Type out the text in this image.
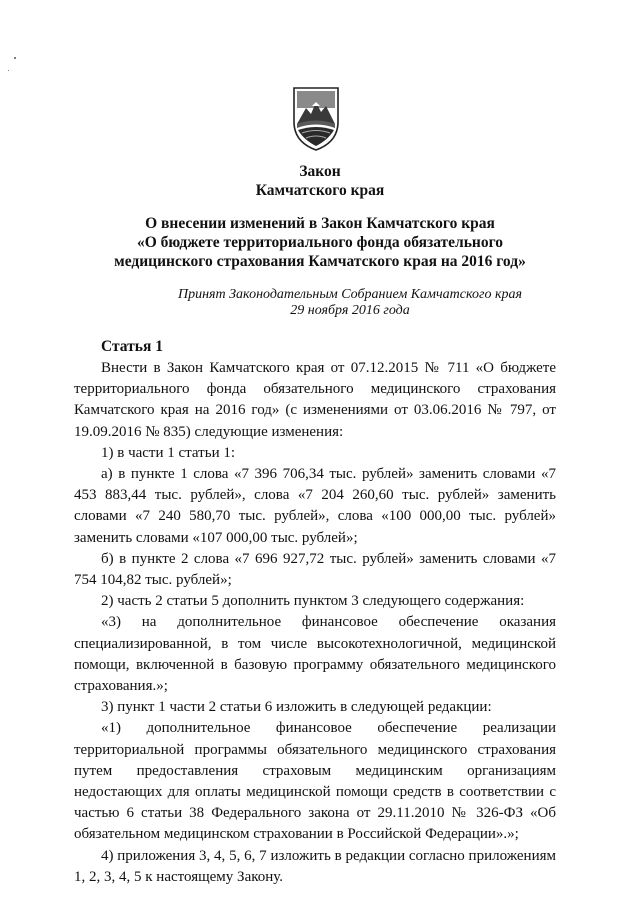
Закон
Камчатского края
О внесении изменений в Закон Камчатского края
«О бюджете территориального фонда обязательного
медицинского страхования Камчатского края на 2016 год»
Принят Законодательным Собранием Камчатского края
29 ноября 2016 года
Статья 1

Внести в Закон Камчатского края от 07.12.2015 № 711 «О бюджете территориального фонда обязательного медицинского страхования Камчатского края на 2016 год» (с изменениями от 03.06.2016 № 797, от 19.09.2016 № 835) следующие изменения:

1) в части 1 статьи 1:

а) в пункте 1 слова «7 396 706,34 тыс. рублей» заменить словами «7 453 883,44 тыс. рублей», слова «7 204 260,60 тыс. рублей» заменить словами «7 240 580,70 тыс. рублей», слова «100 000,00 тыс. рублей» заменить словами «107 000,00 тыс. рублей»;

б) в пункте 2 слова «7 696 927,72 тыс. рублей» заменить словами «7 754 104,82 тыс. рублей»;

2) часть 2 статьи 5 дополнить пунктом 3 следующего содержания:

«3) на дополнительное финансовое обеспечение оказания специализированной, в том числе высокотехнологичной, медицинской помощи, включенной в базовую программу обязательного медицинского страхования.»;

3) пункт 1 части 2 статьи 6 изложить в следующей редакции:

«1) дополнительное финансовое обеспечение реализации территориальной программы обязательного медицинского страхования путем предоставления страховым медицинским организациям недостающих для оплаты медицинской помощи средств в соответствии с частью 6 статьи 38 Федерального закона от 29.11.2010 № 326-ФЗ «Об обязательном медицинском страховании в Российской Федерации».»;

4) приложения 3, 4, 5, 6, 7 изложить в редакции согласно приложениям 1, 2, 3, 4, 5 к настоящему Закону.
